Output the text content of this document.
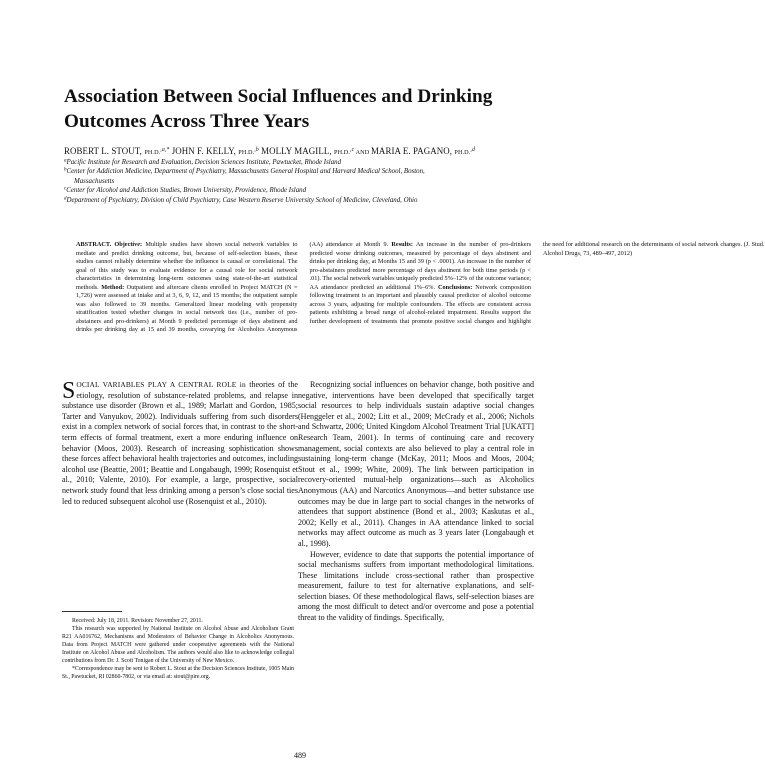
Association Between Social Influences and Drinking Outcomes Across Three Years
ROBERT L. STOUT, PH.D.$^{,a,*}$ JOHN F. KELLY, PH.D.$^{,b}$ MOLLY MAGILL, PH.D.$^{,c}$ AND MARIA E. PAGANO, PH.D.$^{,d}$
$^a$Pacific Institute for Research and Evaluation, Decision Sciences Institute, Pawtucket, Rhode Island
$^b$Center for Addiction Medicine, Department of Psychiatry, Massachusetts General Hospital and Harvard Medical School, Boston,
Massachusetts
$^c$Center for Alcohol and Addiction Studies, Brown University, Providence, Rhode Island
$^d$Department of Psychiatry, Division of Child Psychiatry, Case Western Reserve University School of Medicine, Cleveland, Ohio
ABSTRACT. Objective: Multiple studies have shown social network variables to mediate and predict drinking outcome, but, because of self-selection biases, these studies cannot reliably determine whether the influence is causal or correlational. The goal of this study was to evaluate evidence for a causal role for social network characteristics in determining long-term outcomes using state-of-the-art statistical methods. Method: Outpatient and aftercare clients enrolled in Project MATCH (N = 1,726) were assessed at intake and at 3, 6, 9, 12, and 15 months; the outpatient sample was also followed to 39 months. Generalized linear modeling with propensity stratification tested whether changes in social network ties (i.e., number of pro-abstainers and pro-drinkers) at Month 9 predicted percentage of days abstinent and drinks per drinking day at 15 and 39 months, covarying for Alcoholics Anonymous (AA) attendance at Month 9. Results: An increase in the number of pro-drinkers predicted worse drinking outcomes, measured by percentage of days abstinent and drinks per drinking day, at Months 15 and 39 (p < .0001). An increase in the number of pro-abstainers predicted more percentage of days abstinent for both time periods (p < .01). The social network variables uniquely predicted 5%–12% of the outcome variance; AA attendance predicted an additional 1%–6%. Conclusions: Network composition following treatment is an important and plausibly causal predictor of alcohol outcome across 3 years, adjusting for multiple confounders. The effects are consistent across patients exhibiting a broad range of alcohol-related impairment. Results support the further development of treatments that promote positive social changes and highlight the need for additional research on the determinants of social network changes. (J. Stud. Alcohol Drugs, 73, 489–497, 2012)

SOCIAL VARIABLES PLAY A CENTRAL ROLE in theories of the etiology, resolution of substance-related problems, and relapse in substance use disorder (Brown et al., 1989; Marlatt and Gordon, 1985; Tarter and Vanyukov, 2002). Individuals suffering from such disorders exist in a complex network of social forces that, in contrast to the short-term effects of formal treatment, exert a more enduring influence on behavior (Moos, 2003). Research of increasing sophistication shows these forces affect behavioral health trajectories and outcomes, including alcohol use (Beattie, 2001; Beattie and Longabaugh, 1999; Rosenquist et al., 2010; Valente, 2010). For example, a large, prospective, social network study found that less drinking among a person’s close social ties led to reduced subsequent alcohol use (Rosenquist et al., 2010).

Recognizing social influences on behavior change, both positive and negative, interventions have been developed that specifically target social resources to help individuals sustain adaptive social changes (Henggeler et al., 2002; Litt et al., 2009; McCrady et al., 2006; Nichols and Schwartz, 2006; United Kingdom Alcohol Treatment Trial [UKATT] Research Team, 2001). In terms of continuing care and recovery management, social contexts are also believed to play a central role in sustaining long-term change (McKay, 2011; Moos and Moos, 2004; Stout et al., 1999; White, 2009). The link between participation in recovery-oriented mutual-help organizations—such as Alcoholics Anonymous (AA) and Narcotics Anonymous—and better substance use outcomes may be due in large part to social changes in the networks of attendees that support abstinence (Bond et al., 2003; Kaskutas et al., 2002; Kelly et al., 2011). Changes in AA attendance linked to social networks may affect outcome as much as 3 years later (Longabaugh et al., 1998).

However, evidence to date that supports the potential importance of social mechanisms suffers from important methodological limitations. These limitations include cross-sectional rather than prospective measurement, failure to test for alternative explanations, and self-selection biases. Of these methodological flaws, self-selection biases are among the most difficult to detect and/or overcome and pose a potential threat to the validity of findings. Specifically,

Received: July 18, 2011. Revision: November 27, 2011.

This research was supported by National Institute on Alcohol Abuse and Alcoholism Grant R21 AA016762, Mechanisms and Moderators of Behavior Change in Alcoholics Anonymous. Data from Project MATCH were gathered under cooperative agreements with the National Institute on Alcohol Abuse and Alcoholism. The authors would also like to acknowledge collegial contributions from Dr. J. Scott Tonigan of the University of New Mexico.

*Correspondence may be sent to Robert L. Stout at the Decision Sciences Institute, 1005 Main St., Pawtucket, RI 02860-7802, or via email at: stout@pire.org.

489
